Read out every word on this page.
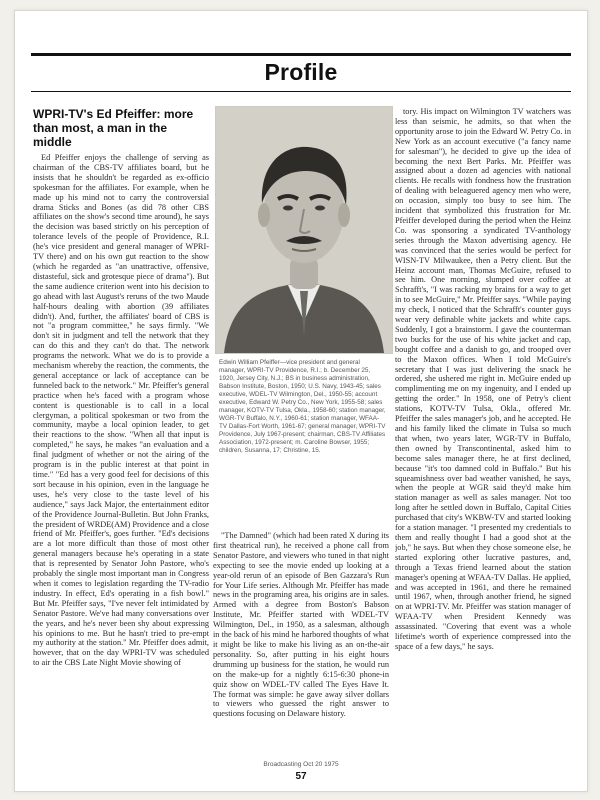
Profile
WPRI-TV's Ed Pfeiffer: more than most, a man in the middle

Ed Pfeiffer enjoys the challenge of serving as chairman of the CBS-TV affiliates board, but he insists that he shouldn't be regarded as ex-officio spokesman for the affiliates. For example, when he made up his mind not to carry the controversial drama Sticks and Bones (as did 78 other CBS affiliates on the show's second time around), he says the decision was based strictly on his perception of tolerance levels of the people of Providence, R.I. (he's vice president and general manager of WPRI-TV there) and on his own gut reaction to the show (which he regarded as "an unattractive, offensive, distasteful, sick and grotesque piece of drama"). But the same audience criterion went into his decision to go ahead with last August's reruns of the two Maude half-hours dealing with abortion (39 affiliates didn't). And, further, the affiliates' board of CBS is not "a program committee," he says firmly. "We don't sit in judgment and tell the network that they can do this and they can't do that. The network programs the network. What we do is to provide a mechanism whereby the reaction, the comments, the general acceptance or lack of acceptance can be funneled back to the network." Mr. Pfeiffer's general practice when he's faced with a program whose content is questionable is to call in a local clergyman, a political spokesman or two from the community, maybe a local opinion leader, to get their reactions to the show. "When all that input is completed," he says, he makes "an evaluation and a final judgment of whether or not the airing of the program is in the public interest at that point in time." "Ed has a very good feel for decisions of this sort because in his opinion, even in the language he uses, he's very close to the taste level of his audience," says Jack Major, the entertainment editor of the Providence Journal-Bulletin. But John Franks, the president of WRDE(AM) Providence and a close friend of Mr. Pfeiffer's, goes further. "Ed's decisions are a lot more difficult than those of most other general managers because he's operating in a state that is represented by Senator John Pastore, who's probably the single most important man in Congress when it comes to legislation regarding the TV-radio industry. In effect, Ed's operating in a fish bowl." But Mr. Pfeiffer says, "I've never felt intimidated by Senator Pastore. We've had many conversations over the years, and he's never been shy about expressing his opinions to me. But he hasn't tried to pre-empt my authority at the station." Mr. Pfeiffer does admit, however, that on the day WPRI-TV was scheduled to air the CBS Late Night Movie showing of

Edwin William Pfeiffer—vice president and general manager, WPRI-TV Providence, R.I.; b. December 25, 1920, Jersey City, N.J.; BS in business administration, Babson Institute, Boston, 1950; U.S. Navy, 1943-45; sales executive, WDEL-TV Wilmington, Del., 1950-55; account executive, Edward W. Petry Co., New York, 1955-58; sales manager, KOTV-TV Tulsa, Okla., 1958-60; station manager, WGR-TV Buffalo, N.Y., 1960-61; station manager, WFAA-TV Dallas-Fort Worth, 1961-67; general manager, WPRI-TV Providence, July 1967-present; chairman, CBS-TV Affiliates Association, 1972-present; m. Caroline Bowser, 1955; children, Susanna, 17; Christine, 15.

"The Damned" (which had been rated X during its first theatrical run), he received a phone call from Senator Pastore, and viewers who tuned in that night expecting to see the movie ended up looking at a year-old rerun of an episode of Ben Gazzara's Run for Your Life series. Although Mr. Pfeiffer has made news in the programing area, his origins are in sales. Armed with a degree from Boston's Babson Institute, Mr. Pfeiffer started with WDEL-TV Wilmington, Del., in 1950, as a salesman, although in the back of his mind he harbored thoughts of what it might be like to make his living as an on-the-air personality. So, after putting in his eight hours drumming up business for the station, he would run on the make-up for a nightly 6:15-6:30 phone-in quiz show on WDEL-TV called The Eyes Have It. The format was simple: he gave away silver dollars to viewers who guessed the right answer to questions focusing on Delaware history.

tory. His impact on Wilmington TV watchers was less than seismic, he admits, so that when the opportunity arose to join the Edward W. Petry Co. in New York as an account executive ("a fancy name for salesman"), he decided to give up the idea of becoming the next Bert Parks. Mr. Pfeiffer was assigned about a dozen ad agencies with national clients. He recalls with fondness how the frustration of dealing with beleaguered agency men who were, on occasion, simply too busy to see him. The incident that symbolized this frustration for Mr. Pfeiffer developed during the period when the Heinz Co. was sponsoring a syndicated TV-anthology series through the Maxon advertising agency. He was convinced that the series would be perfect for WISN-TV Milwaukee, then a Petry client. But the Heinz account man, Thomas McGuire, refused to see him. One morning, slumped over coffee at Schrafft's, "I was racking my brains for a way to get in to see McGuire," Mr. Pfeiffer says. "While paying my check, I noticed that the Schrafft's counter guys wear very definable white jackets and white caps. Suddenly, I got a brainstorm. I gave the counterman two bucks for the use of his white jacket and cap, bought coffee and a danish to go, and trooped over to the Maxon offices. When I told McGuire's secretary that I was just delivering the snack he ordered, she ushered me right in. McGuire ended up complimenting me on my ingenuity, and I ended up getting the order." In 1958, one of Petry's client stations, KOTV-TV Tulsa, Okla., offered Mr. Pfeiffer the sales manager's job, and he accepted. He and his family liked the climate in Tulsa so much that when, two years later, WGR-TV in Buffalo, then owned by Transcontinental, asked him to become sales manager there, he at first declined, because "it's too damned cold in Buffalo." But his squeamishness over bad weather vanished, he says, when the people at WGR said they'd make him station manager as well as sales manager. Not too long after he settled down in Buffalo, Capital Cities purchased that city's WKBW-TV and started looking for a station manager. "I presented my credentials to them and really thought I had a good shot at the job," he says. But when they chose someone else, he started exploring other lucrative pastures, and, through a Texas friend learned about the station manager's opening at WFAA-TV Dallas. He applied, and was accepted in 1961, and there he remained until 1967, when, through another friend, he signed on at WPRI-TV. Mr. Pfeiffer was station manager of WFAA-TV when President Kennedy was assassinated. "Covering that event was a whole lifetime's worth of experience compressed into the space of a few days," he says.

Broadcasting Oct 20 1975
57
